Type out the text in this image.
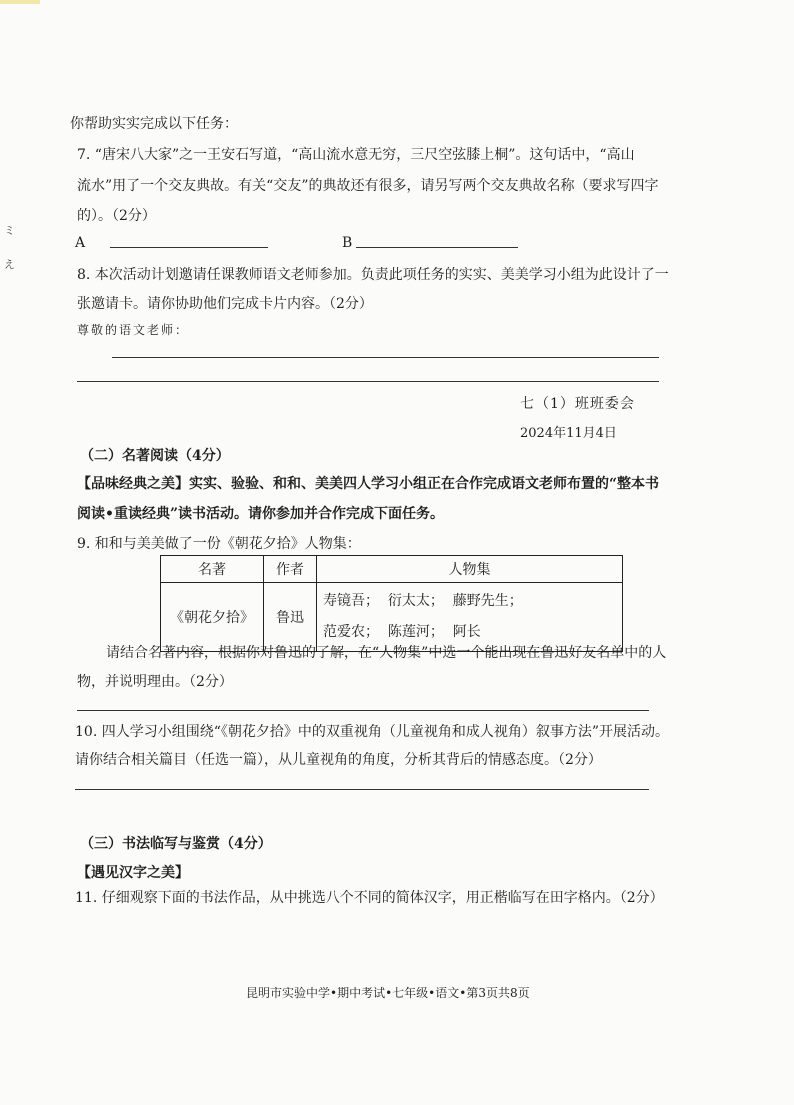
ミ
え
你帮助实实完成以下任务：
7. “唐宋八大家”之一王安石写道，“高山流水意无穷，三尺空弦膝上桐”。这句话中，“高山
流水”用了一个交友典故。有关“交友”的典故还有很多，请另写两个交友典故名称（要求写四字
的）。（2分）
A	B
8. 本次活动计划邀请任课教师语文老师参加。负责此项任务的实实、美美学习小组为此设计了一
张邀请卡。请你协助他们完成卡片内容。（2分）
尊敬的语文老师：
七（1）班班委会
2024年11月4日
（二）名著阅读（4分）
【品味经典之美】实实、验验、和和、美美四人学习小组正在合作完成语文老师布置的“整本书
阅读•重读经典”读书活动。请你参加并合作完成下面任务。
9. 和和与美美做了一份《朝花夕拾》人物集：
名著	作者	人物集
《朝花夕拾》	鲁迅	寿镜吾；  衍太太；  藤野先生；
范爱农；  陈莲河；  阿长
请结合名著内容，根据你对鲁迅的了解，在“人物集”中选一个能出现在鲁迅好友名单中的人
物，并说明理由。（2分）
10. 四人学习小组围绕“《朝花夕拾》中的双重视角（儿童视角和成人视角）叙事方法”开展活动。
请你结合相关篇目（任选一篇），从儿童视角的角度，分析其背后的情感态度。（2分）
（三）书法临写与鉴赏（4分）
【遇见汉字之美】
11. 仔细观察下面的书法作品，从中挑选八个不同的简体汉字，用正楷临写在田字格内。（2分）
昆明市实验中学•期中考试•七年级•语文•第3页共8页
